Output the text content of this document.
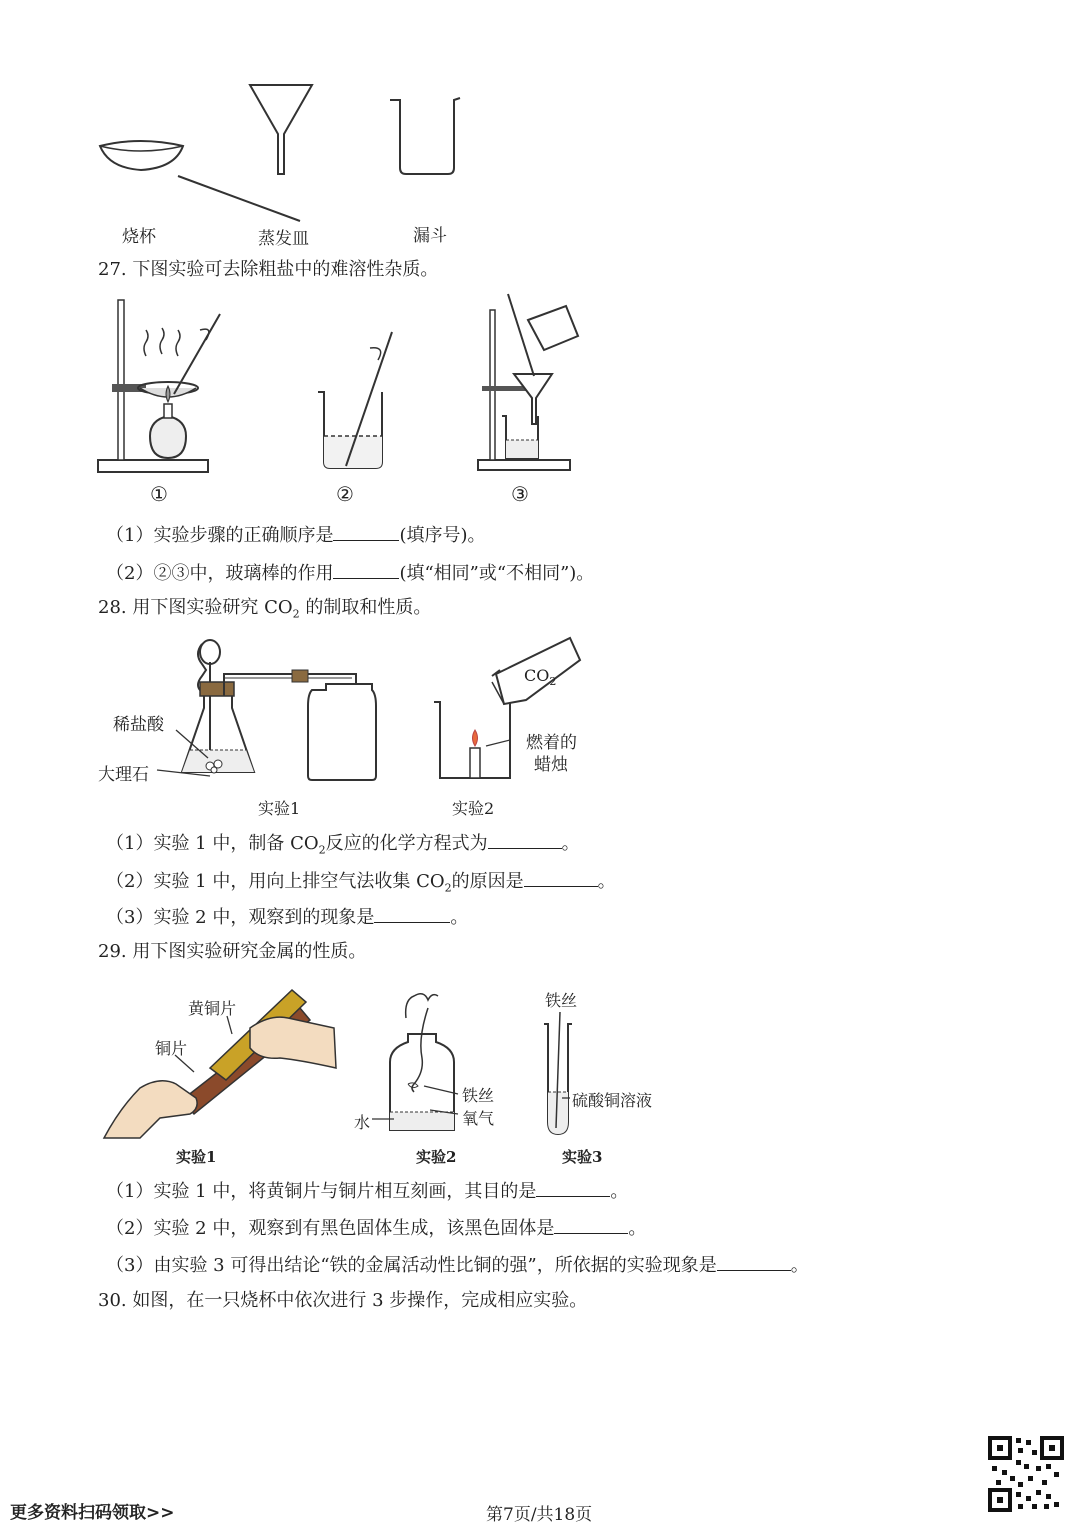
烧杯	蒸发皿	漏斗
27. 下图实验可去除粗盐中的难溶性杂质。
①	②	③
（1）实验步骤的正确顺序是	(填序号)。
（2）②③中，玻璃棒的作用	(填“相同”或“不相同”)。
28. 用下图实验研究 $CO_2$ 的制取和性质。
稀盐酸
大理石
$CO_2$
燃着的
蜡烛
实验1	实验2
（1）实验 1 中，制备 $CO_2$反应的化学方程式为	。
（2）实验 1 中，用向上排空气法收集 $CO_2$的原因是	。
（3）实验 2 中，观察到的现象是	。
29. 用下图实验研究金属的性质。
黄铜片
铜片
铁丝
氧气
水
铁丝
硫酸铜溶液
实验1	实验2	实验3
（1）实验 1 中，将黄铜片与铜片相互刻画，其目的是	。
（2）实验 2 中，观察到有黑色固体生成，该黑色固体是	。
（3）由实验 3 可得出结论“铁的金属活动性比铜的强”，所依据的实验现象是	。
30. 如图，在一只烧杯中依次进行 3 步操作，完成相应实验。
更多资料扫码领取>>	第7页/共18页
